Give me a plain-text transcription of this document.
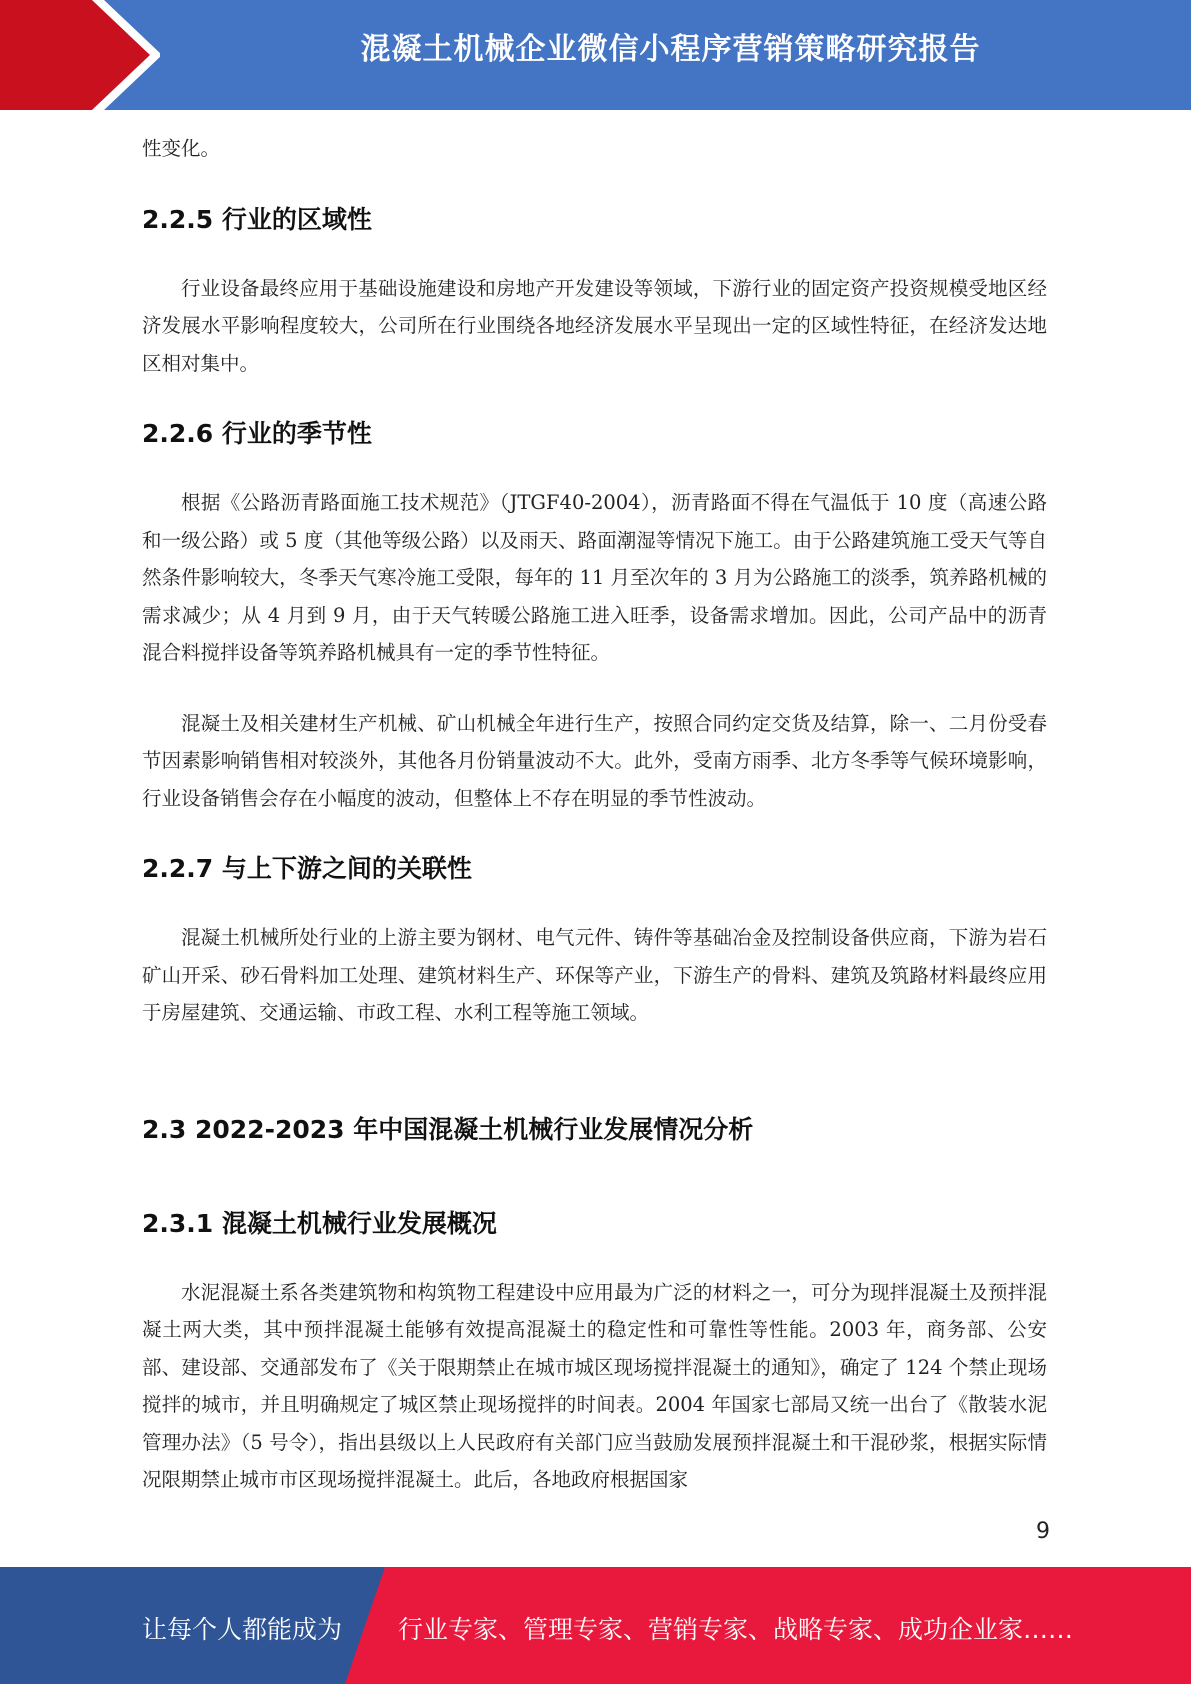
混凝土机械企业微信小程序营销策略研究报告

性变化。

2.2.5 行业的区域性

行业设备最终应用于基础设施建设和房地产开发建设等领域，下游行业的固定资产投资规模受地区经济发展水平影响程度较大，公司所在行业围绕各地经济发展水平呈现出一定的区域性特征，在经济发达地区相对集中。

2.2.6 行业的季节性

根据《公路沥青路面施工技术规范》（JTGF40-2004），沥青路面不得在气温低于 10 度（高速公路和一级公路）或 5 度（其他等级公路）以及雨天、路面潮湿等情况下施工。由于公路建筑施工受天气等自然条件影响较大，冬季天气寒冷施工受限，每年的 11 月至次年的 3 月为公路施工的淡季，筑养路机械的需求减少；从 4 月到 9 月，由于天气转暖公路施工进入旺季，设备需求增加。因此，公司产品中的沥青混合料搅拌设备等筑养路机械具有一定的季节性特征。

混凝土及相关建材生产机械、矿山机械全年进行生产，按照合同约定交货及结算，除一、二月份受春节因素影响销售相对较淡外，其他各月份销量波动不大。此外，受南方雨季、北方冬季等气候环境影响，行业设备销售会存在小幅度的波动，但整体上不存在明显的季节性波动。

2.2.7 与上下游之间的关联性

混凝土机械所处行业的上游主要为钢材、电气元件、铸件等基础冶金及控制设备供应商，下游为岩石矿山开采、砂石骨料加工处理、建筑材料生产、环保等产业，下游生产的骨料、建筑及筑路材料最终应用于房屋建筑、交通运输、市政工程、水利工程等施工领域。

2.3 2022-2023 年中国混凝土机械行业发展情况分析
2.3.1 混凝土机械行业发展概况

水泥混凝土系各类建筑物和构筑物工程建设中应用最为广泛的材料之一，可分为现拌混凝土及预拌混凝土两大类，其中预拌混凝土能够有效提高混凝土的稳定性和可靠性等性能。2003 年，商务部、公安部、建设部、交通部发布了《关于限期禁止在城市城区现场搅拌混凝土的通知》，确定了 124 个禁止现场搅拌的城市，并且明确规定了城区禁止现场搅拌的时间表。2004 年国家七部局又统一出台了《散装水泥管理办法》（5 号令），指出县级以上人民政府有关部门应当鼓励发展预拌混凝土和干混砂浆，根据实际情况限期禁止城市市区现场搅拌混凝土。此后，各地政府根据国家

9
让每个人都能成为 行业专家、管理专家、营销专家、战略专家、成功企业家……
